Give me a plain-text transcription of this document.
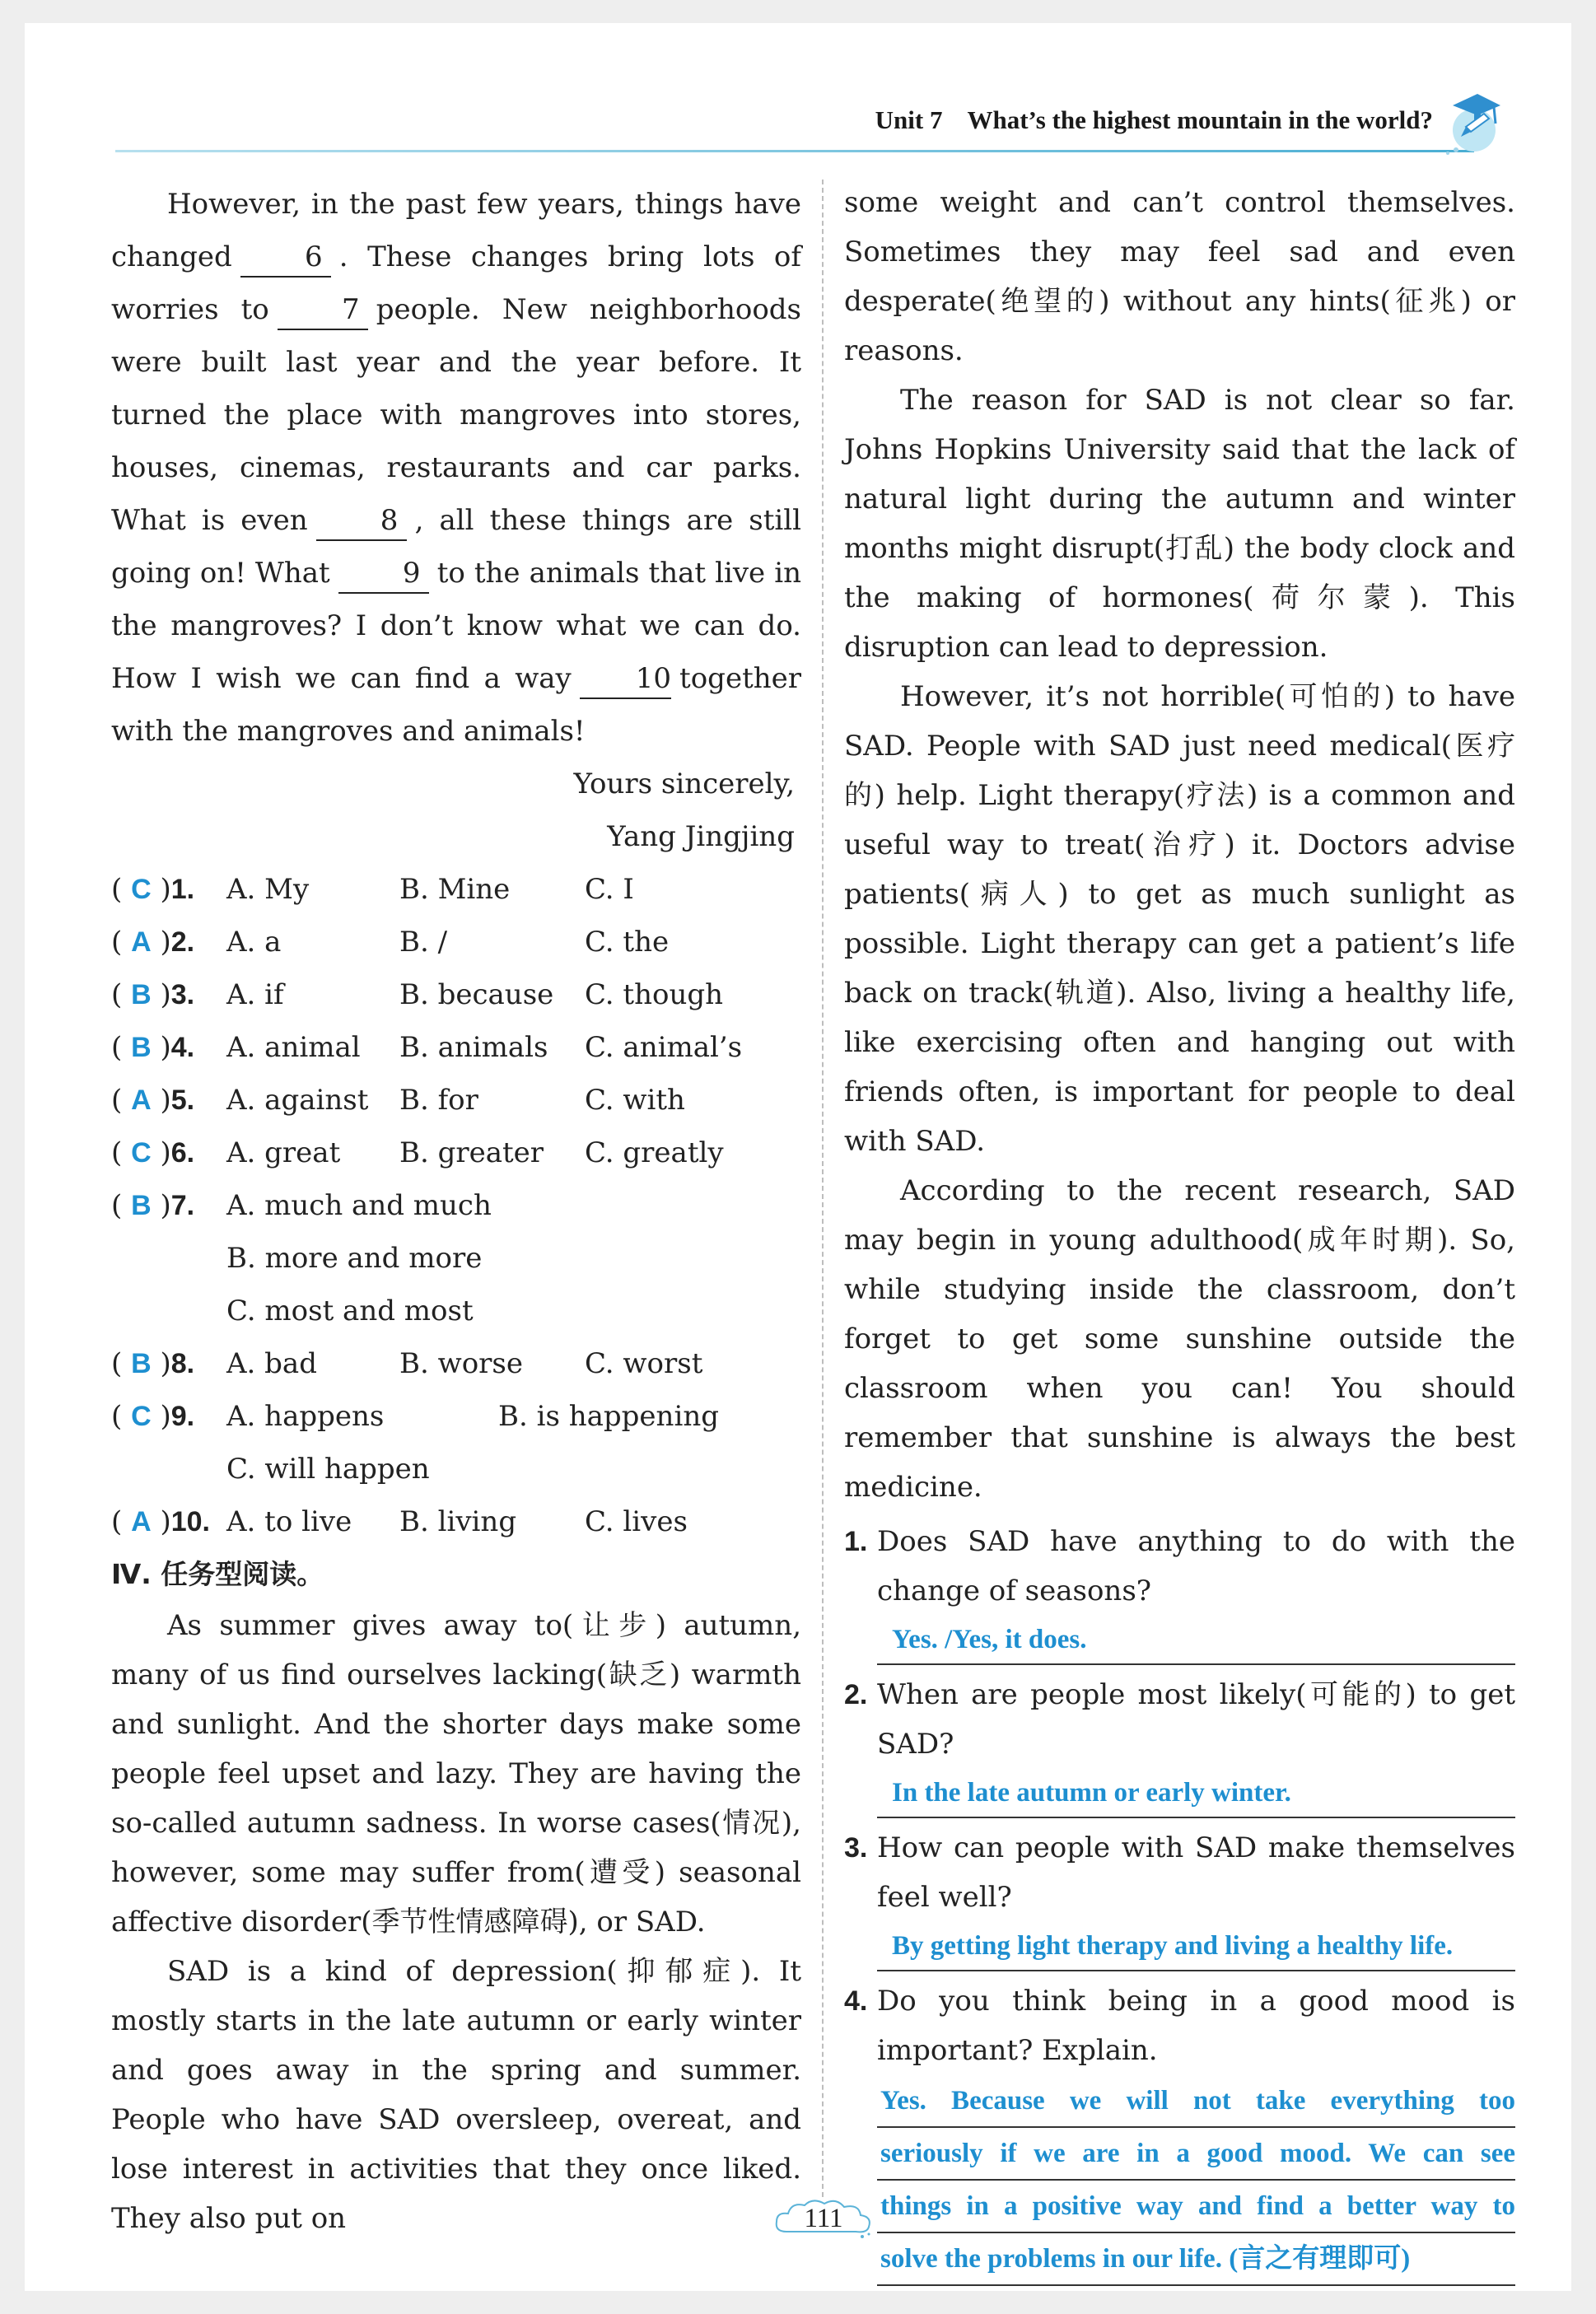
Unit 7 What’s the highest mountain in the world?

However, in the past few years, things have changed	6 . These changes bring lots of worries to	7 people. New neighborhoods were built last year and the year before. It turned the place with mangroves into stores, houses, cinemas, restaurants and car parks. What is even	8 , all these things are still going on! What	9 to the animals that live in the mangroves? I don’t know what we can do. How I wish we can find a way 10 together with the mangroves and animals!

Yours sincerely,

Yang Jingjing

( C )1.	A. My	B. Mine	C. I
( A )2.	A. a	B. /	C. the
( B )3.	A. if	B. because	C. though
( B )4.	A. animal	B. animals	C. animal’s
( A )5.	A. against	B. for	C. with
( C )6.	A. great	B. greater	C. greatly
( B )7.	A. much and much
B. more and more
C. most and most
( B )8.	A. bad	B. worse	C. worst
( C )9.	A. happens	B. is happening
C. will happen
( A )10. A. to live	B. living	C. lives
Ⅳ. 任务型阅读。

As summer gives away to(让步) autumn, many of us find ourselves lacking(缺乏) warmth and sunlight. And the shorter days make some people feel upset and lazy. They are having the so-called autumn sadness. In worse cases(情况), however, some may suffer from(遭受) seasonal affective disorder(季节性情感障碍), or SAD.

SAD is a kind of depression(抑郁症). It mostly starts in the late autumn or early winter and goes away in the spring and summer. People who have SAD oversleep, overeat, and lose interest in activities that they once liked. They also put on

some weight and can’t control themselves. Sometimes they may feel sad and even desperate(绝望的) without any hints(征兆) or reasons.

The reason for SAD is not clear so far. Johns Hopkins University said that the lack of natural light during the autumn and winter months might disrupt(打乱) the body clock and the making of hormones(荷尔蒙). This disruption can lead to depression.

However, it’s not horrible(可怕的) to have SAD. People with SAD just need medical(医疗的) help. Light therapy(疗法) is a common and useful way to treat(治疗) it. Doctors advise patients(病人) to get as much sunlight as possible. Light therapy can get a patient’s life back on track(轨道). Also, living a healthy life, like exercising often and hanging out with friends often, is important for people to deal with SAD.

According to the recent research, SAD may begin in young adulthood(成年时期). So, while studying inside the classroom, don’t forget to get some sunshine outside the classroom when you can! You should remember that sunshine is always the best medicine.

1. Does SAD have anything to do with the change of seasons?
Yes. /Yes, it does.
2. When are people most likely(可能的) to get SAD?
In the late autumn or early winter.
3. How can people with SAD make themselves feel well?
By getting light therapy and living a healthy life.
4. Do you think being in a good mood is important? Explain.
Yes. Because we will not take everything too
seriously if we are in a good mood. We can see
things in a positive way and find a better way to
solve the problems in our life. (言之有理即可)
111
